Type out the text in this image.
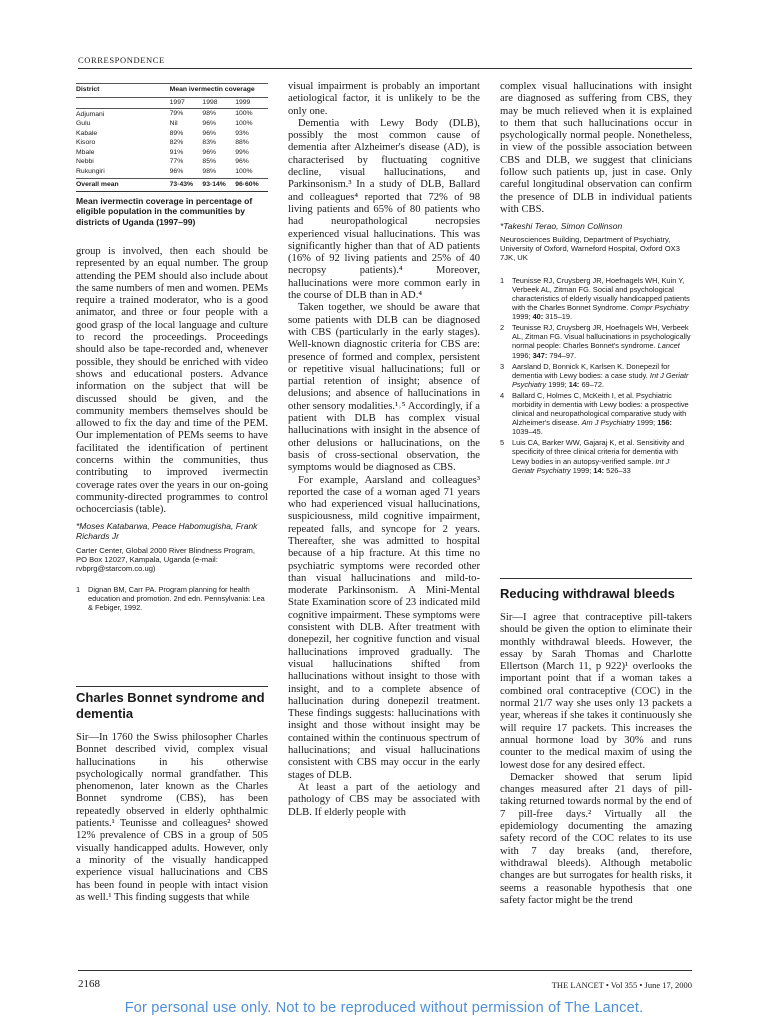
CORRESPONDENCE
District	Mean ivermectin coverage		
	1997	1998	1999
Adjumani	79%	98%	100%
Gulu	Nil	96%	100%
Kabale	89%	96%	93%
Kisoro	82%	83%	88%
Mbale	91%	96%	99%
Nebbi	77%	85%	96%
Rukungiri	96%	98%	100%
Overall mean	73·43%	93·14%	96·60%
Mean ivermectin coverage in percentage of eligible population in the communities by districts of Uganda (1997–99)

group is involved, then each should be represented by an equal number. The group attending the PEM should also include about the same numbers of men and women. PEMs require a trained moderator, who is a good animator, and three or four people with a good grasp of the local language and culture to record the proceedings. Proceedings should also be tape-recorded and, whenever possible, they should be enriched with video shows and educational posters. Advance information on the subject that will be discussed should be given, and the community members themselves should be allowed to fix the day and time of the PEM. Our implementation of PEMs seems to have facilitated the identification of pertinent concerns within the communities, thus contributing to improved ivermectin coverage rates over the years in our on-going community-directed programmes to control ochocerciasis (table).

*Moses Katabarwa, Peace Habomugisha, Frank Richards Jr
Carter Center, Global 2000 River Blindness Program, PO Box 12027, Kampala, Uganda (e-mail: rvbprg@starcom.co.ug)
1	Dignan BM, Carr PA. Program planning for health education and promotion. 2nd edn. Pennsylvania: Lea & Febiger, 1992.
Charles Bonnet syndrome and dementia

Sir—In 1760 the Swiss philosopher Charles Bonnet described vivid, complex visual hallucinations in his otherwise psychologically normal grandfather. This phenomenon, later known as the Charles Bonnet syndrome (CBS), has been repeatedly observed in elderly ophthalmic patients.¹ Teunisse and colleagues² showed 12% prevalence of CBS in a group of 505 visually handicapped adults. However, only a minority of the visually handicapped experience visual hallucinations and CBS has been found in people with intact vision as well.¹ This finding suggests that while

visual impairment is probably an important aetiological factor, it is unlikely to be the only one.

Dementia with Lewy Body (DLB), possibly the most common cause of dementia after Alzheimer's disease (AD), is characterised by fluctuating cognitive decline, visual hallucinations, and Parkinsonism.³ In a study of DLB, Ballard and colleagues⁴ reported that 72% of 98 living patients and 65% of 80 patients who had neuropathological necropsies experienced visual hallucinations. This was significantly higher than that of AD patients (16% of 92 living patients and 25% of 40 necropsy patients).⁴ Moreover, hallucinations were more common early in the course of DLB than in AD.⁴

Taken together, we should be aware that some patients with DLB can be diagnosed with CBS (particularly in the early stages). Well-known diagnostic criteria for CBS are: presence of formed and complex, persistent or repetitive visual hallucinations; full or partial retention of insight; absence of delusions; and absence of hallucinations in other sensory modalities.¹˒⁵ Accordingly, if a patient with DLB has complex visual hallucinations with insight in the absence of other delusions or hallucinations, on the basis of cross-sectional observation, the symptoms would be diagnosed as CBS.

For example, Aarsland and colleagues³ reported the case of a woman aged 71 years who had experienced visual hallucinations, suspiciousness, mild cognitive impairment, repeated falls, and syncope for 2 years. Thereafter, she was admitted to hospital because of a hip fracture. At this time no psychiatric symptoms were recorded other than visual hallucinations and mild-to-moderate Parkinsonism. A Mini-Mental State Examination score of 23 indicated mild cognitive impairment. These symptoms were consistent with DLB. After treatment with donepezil, her cognitive function and visual hallucinations improved gradually. The visual hallucinations shifted from hallucinations without insight to those with insight, and to a complete absence of hallucination during donepezil treatment. These findings suggests: hallucinations with insight and those without insight may be contained within the continuous spectrum of hallucinations; and visual hallucinations consistent with CBS may occur in the early stages of DLB.

At least a part of the aetiology and pathology of CBS may be associated with DLB. If elderly people with

complex visual hallucinations with insight are diagnosed as suffering from CBS, they may be much relieved when it is explained to them that such hallucinations occur in psychologically normal people. Nonetheless, in view of the possible association between CBS and DLB, we suggest that clinicians follow such patients up, just in case. Only careful longitudinal observation can confirm the presence of DLB in individual patients with CBS.

*Takeshi Terao, Simon Collinson
Neurosciences Building, Department of Psychiatry, University of Oxford, Warneford Hospital, Oxford OX3 7JK, UK
1	Teunisse RJ, Cruysberg JR, Hoefnagels WH, Kuin Y, Verbeek AL, Zitman FG. Social and psychological characteristics of elderly visually handicapped patients with the Charles Bonnet Syndrome. Compr Psychiatry 1999; 40: 315–19.
2	Teunisse RJ, Cruysberg JR, Hoefnagels WH, Verbeek AL, Zitman FG. Visual hallucinations in psychologically normal people: Charles Bonnet's syndrome. Lancet 1996; 347: 794–97.
3	Aarsland D, Bonnick K, Karlsen K. Donepezil for dementia with Lewy bodies: a case study. Int J Geriatr Psychiatry 1999; 14: 69–72.
4	Ballard C, Holmes C, McKeith I, et al. Psychiatric morbidity in dementia with Lewy bodies: a prospective clinical and neuropathological comparative study with Alzheimer's disease. Am J Psychiatry 1999; 156: 1039–45.
5	Luis CA, Barker WW, Gajaraj K, et al. Sensitivity and specificity of three clinical criteria for dementia with Lewy bodies in an autopsy-verified sample. Int J Geriatr Psychiatry 1999; 14: 526–33
Reducing withdrawal bleeds

Sir—I agree that contraceptive pill-takers should be given the option to eliminate their monthly withdrawal bleeds. However, the essay by Sarah Thomas and Charlotte Ellertson (March 11, p 922)¹ overlooks the important point that if a woman takes a combined oral contraceptive (COC) in the normal 21/7 way she uses only 13 packets a year, whereas if she takes it continuously she will require 17 packets. This increases the annual hormone load by 30% and runs counter to the medical maxim of using the lowest dose for any desired effect.

Demacker showed that serum lipid changes measured after 21 days of pill-taking returned towards normal by the end of 7 pill-free days.² Virtually all the epidemiology documenting the amazing safety record of the COC relates to its use with 7 day breaks (and, therefore, withdrawal bleeds). Although metabolic changes are but surrogates for health risks, it seems a reasonable hypothesis that one safety factor might be the trend

2168	THE LANCET • Vol 355 • June 17, 2000
For personal use only. Not to be reproduced without permission of The Lancet.
